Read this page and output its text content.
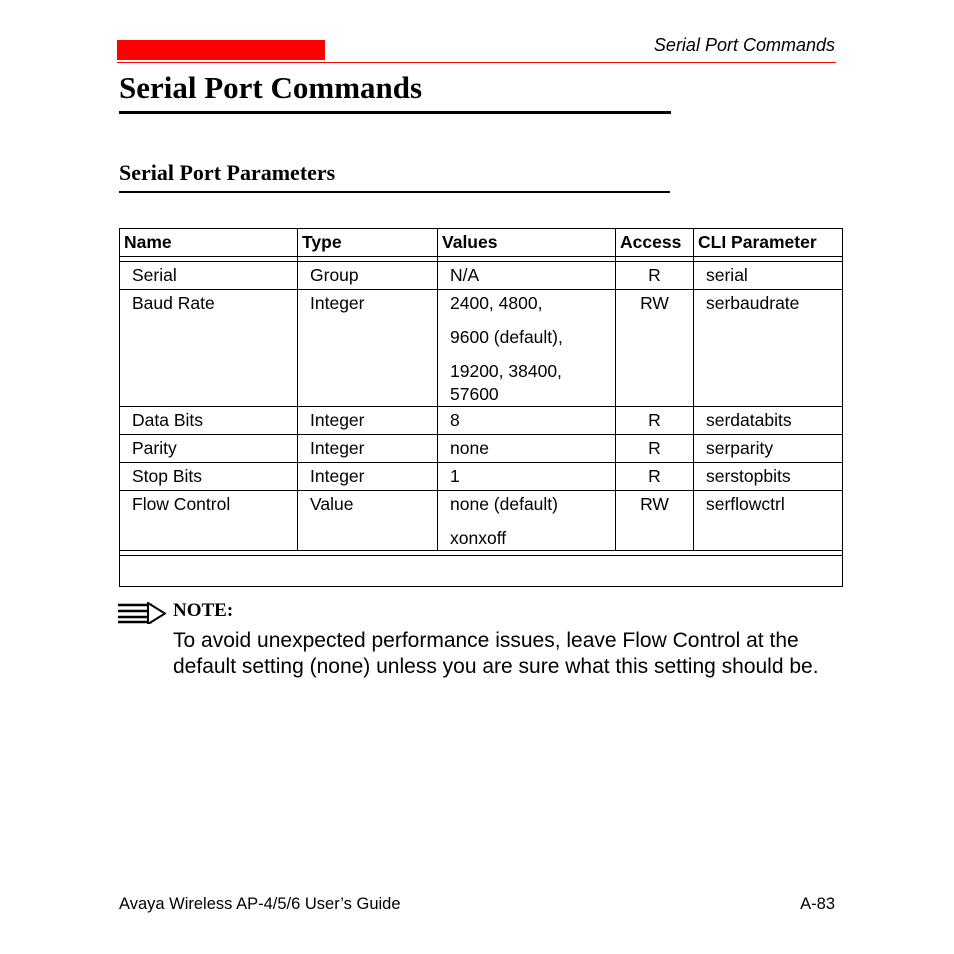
Serial Port Commands
Serial Port Commands
Serial Port Parameters
Name	Type	Values	Access	CLI Parameter

Serial	Group	N/A	R	serial

Baud Rate	Integer	2400, 4800,
9600 (default),
19200, 38400, 57600	RW	serbaudrate

Data Bits	Integer	8	R	serdatabits

Parity	Integer	none	R	serparity

Stop Bits	Integer	1	R	serstopbits

Flow Control	Value	none (default)
xonxoff	RW	serflowctrl

NOTE:
To avoid unexpected performance issues, leave Flow Control at the default setting (none) unless you are sure what this setting should be.
Avaya Wireless AP-4/5/6 User’s Guide	A-83
